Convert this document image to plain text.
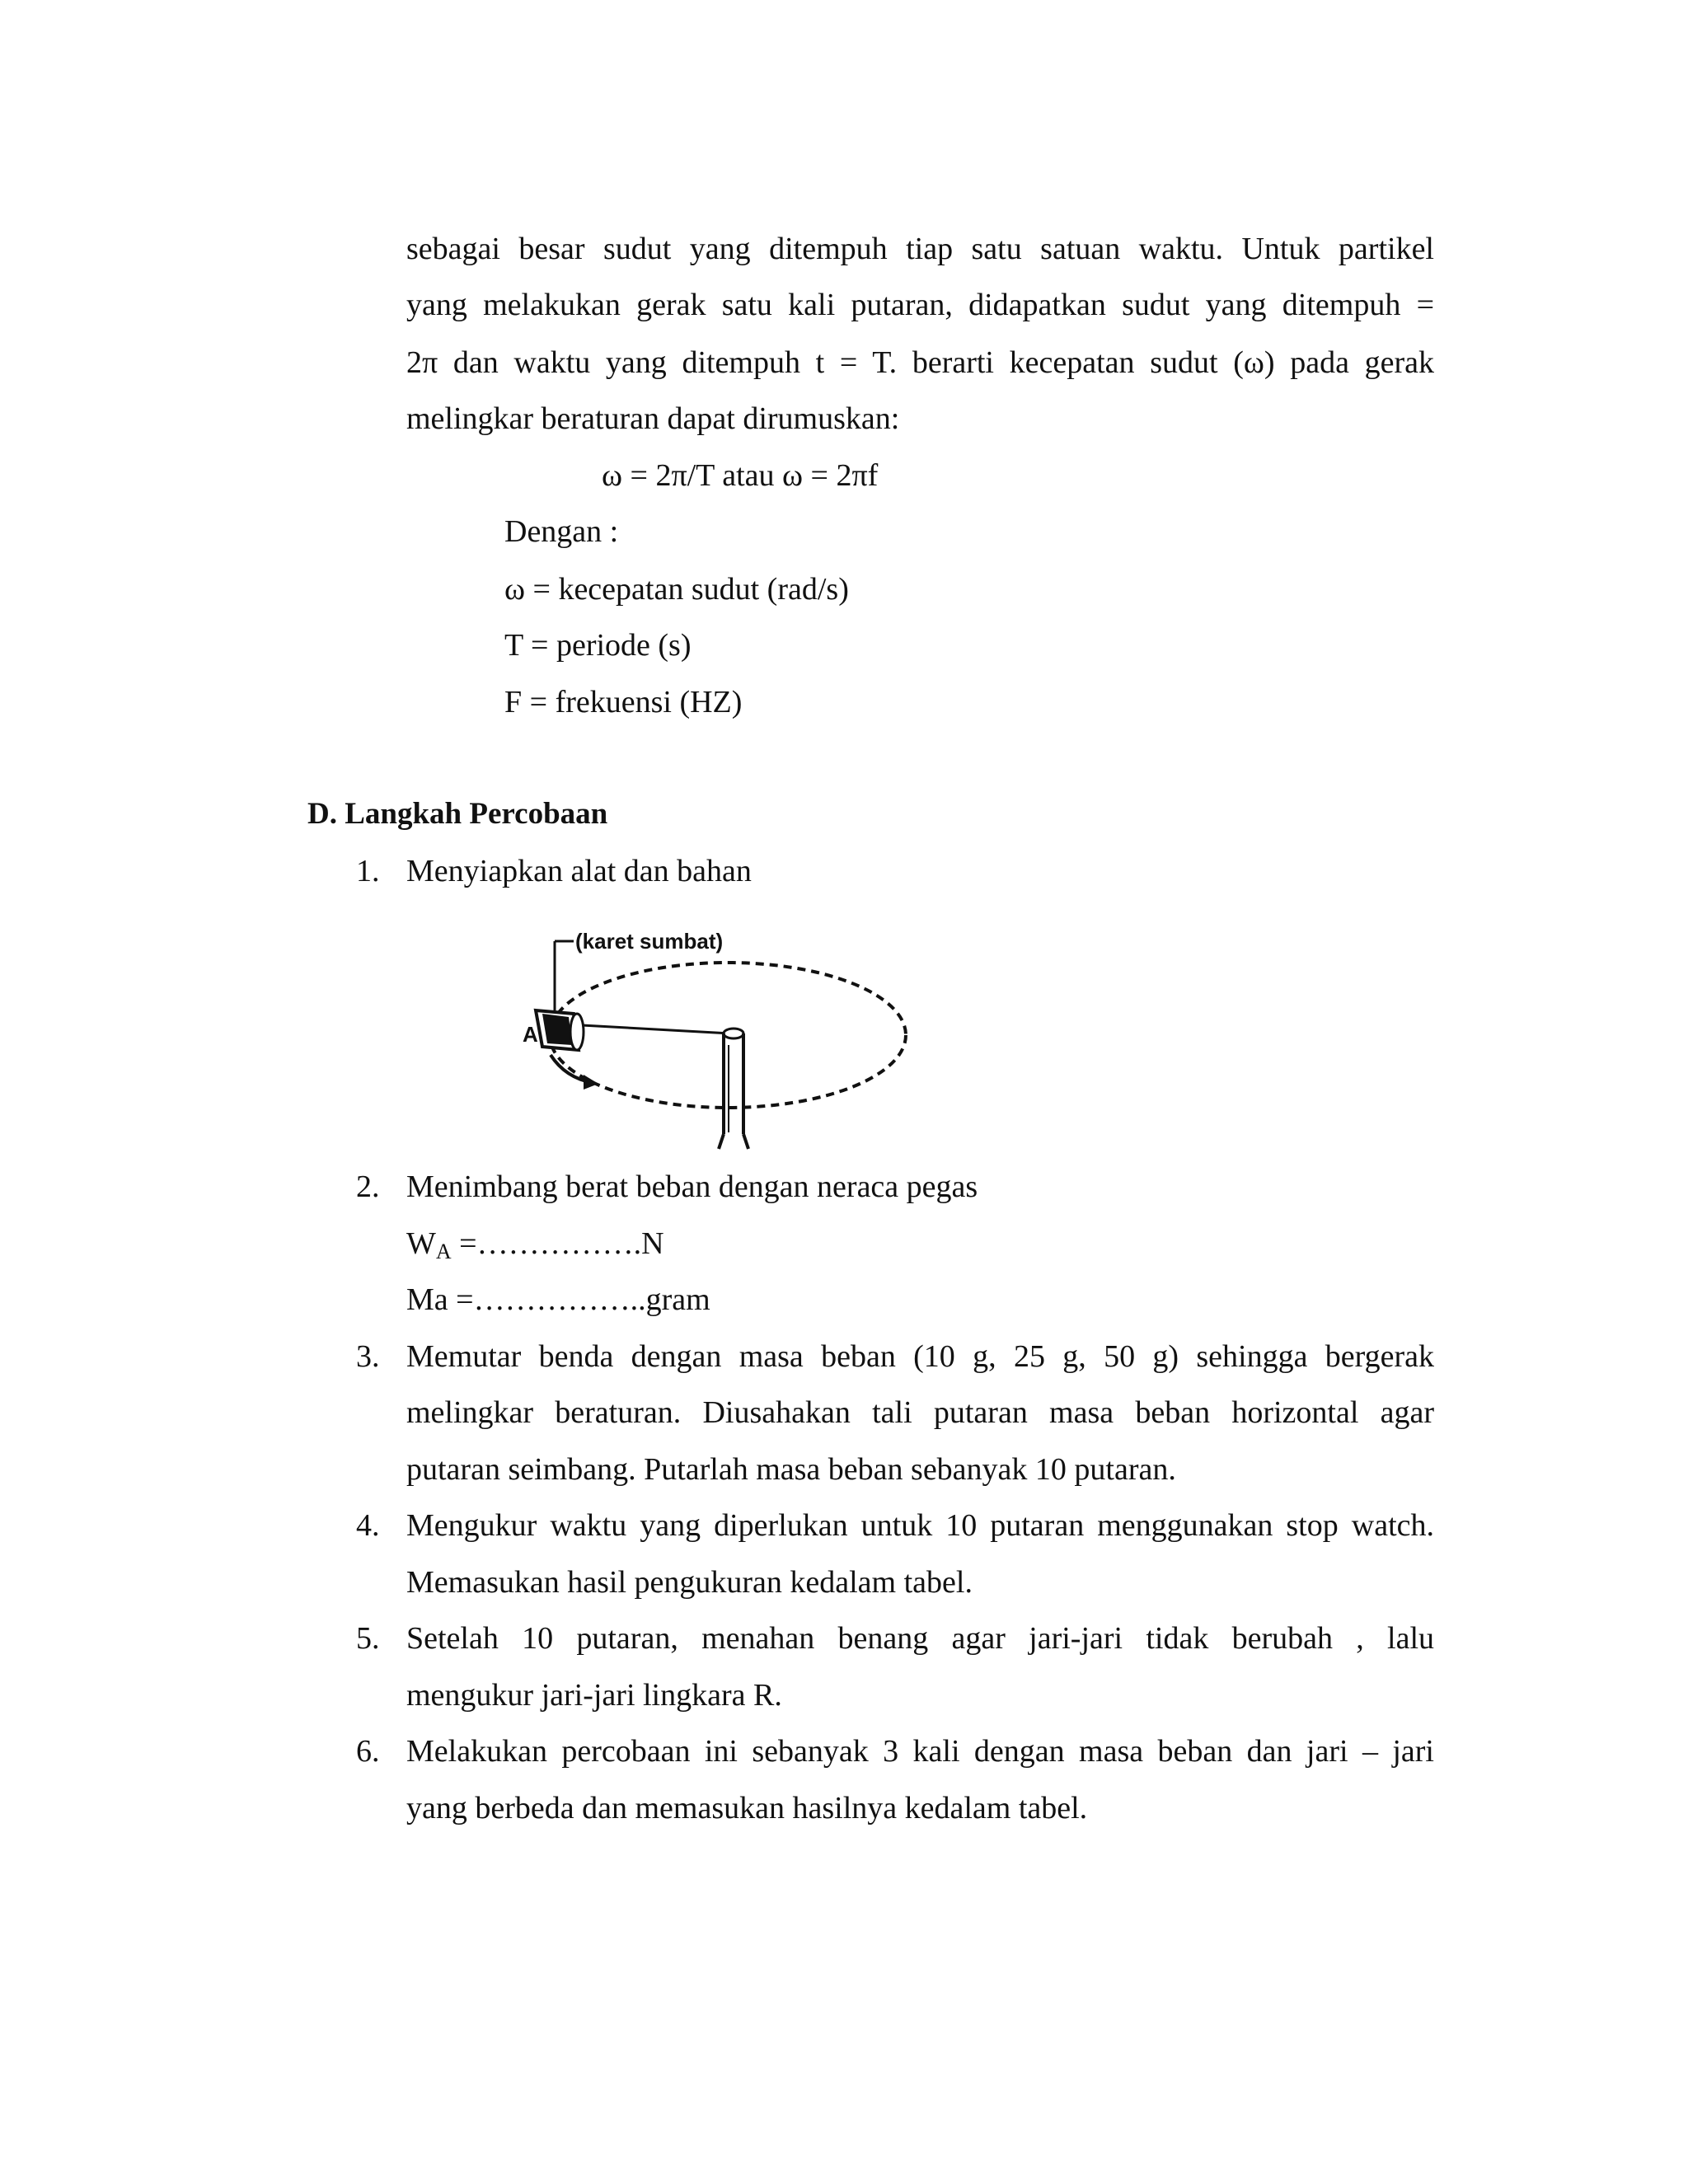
sebagai besar sudut yang ditempuh tiap satu satuan waktu. Untuk partikel
yang melakukan gerak satu kali putaran, didapatkan sudut yang ditempuh =
2π dan waktu yang ditempuh t = T. berarti kecepatan sudut (ω) pada gerak
melingkar beraturan dapat dirumuskan:
ω = 2π/T atau ω = 2πf
Dengan :
ω = kecepatan sudut (rad/s)
T = periode (s)
F = frekuensi (HZ)
D. Langkah Percobaan
1. Menyiapkan alat dan bahan
(karet sumbat)
A
2. Menimbang berat beban dengan neraca pegas
$W_A$ =…………….N
Ma =……………..gram
3. Memutar benda dengan masa beban (10 g, 25 g, 50 g) sehingga bergerak
melingkar beraturan. Diusahakan tali putaran masa beban horizontal agar
putaran seimbang. Putarlah masa beban sebanyak 10 putaran.
4. Mengukur waktu yang diperlukan untuk 10 putaran menggunakan stop watch.
Memasukan hasil pengukuran kedalam tabel.
5. Setelah 10 putaran, menahan benang agar jari-jari tidak berubah , lalu
mengukur jari-jari lingkara R.
6. Melakukan percobaan ini sebanyak 3 kali dengan masa beban dan jari – jari
yang berbeda dan memasukan hasilnya kedalam tabel.
